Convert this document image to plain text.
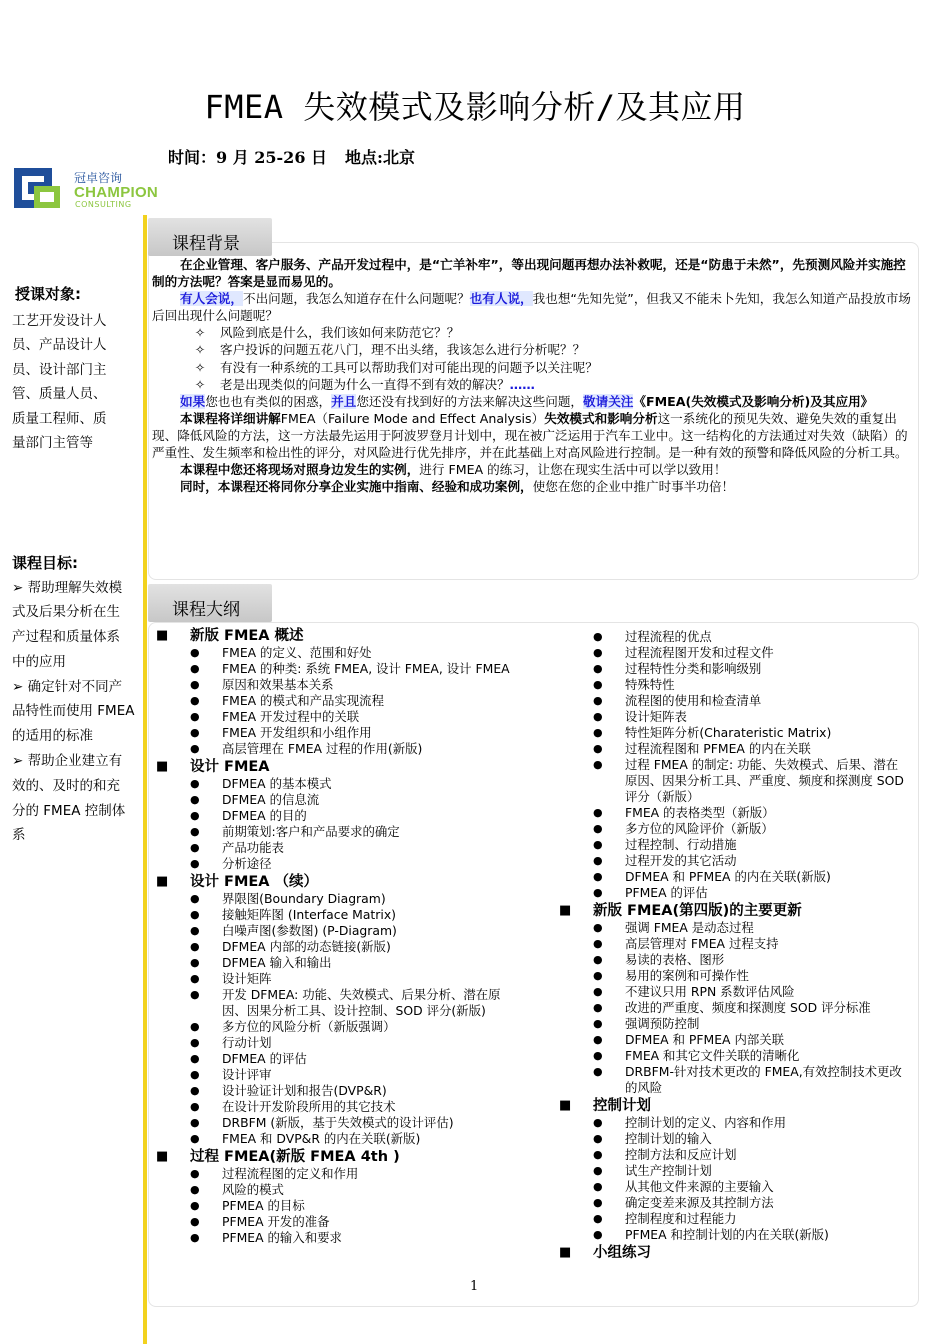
FMEA 失效模式及影响分析/及其应用
时间：9 月 25-26 日 地点:北京
冠卓咨询
CHAMPION
CONSULTING
授课对象:
工艺开发设计人
员、产品设计人
员、设计部门主
管、质量人员、
质量工程师、质
量部门主管等
课程目标:
➢ 帮助理解失效模
式及后果分析在生
产过程和质量体系
中的应用
➢ 确定针对不同产
品特性而使用 FMEA
的适用的标准
➢ 帮助企业建立有
效的、及时的和充
分的 FMEA 控制体
系
课程背景

在企业管理、客户服务、产品开发过程中，是“亡羊补牢”，等出现问题再想办法补救呢，还是“防患于未然”，先预测风险并实施控制的方法呢？答案是显而易见的。

有人会说，不出问题，我怎么知道存在什么问题呢？也有人说，我也想“先知先觉”，但我又不能未卜先知，我怎么知道产品投放市场后回出现什么问题呢？

✧ 风险到底是什么，我们该如何来防范它？？

✧ 客户投诉的问题五花八门，理不出头绪，我该怎么进行分析呢？？

✧ 有没有一种系统的工具可以帮助我们对可能出现的问题予以关注呢？

✧ 老是出现类似的问题为什么一直得不到有效的解决？……

如果您也也有类似的困惑，并且您还没有找到好的方法来解决这些问题，敬请关注《FMEA(失效模式及影响分析)及其应用》

本课程将详细讲解FMEA（Failure Mode and Effect Analysis）失效模式和影响分析这一系统化的预见失效、避免失效的重复出现、降低风险的方法，这一方法最先运用于阿波罗登月计划中，现在被广泛运用于汽车工业中。这一结构化的方法通过对失效（缺陷）的严重性、发生频率和检出性的评分，对风险进行优先排序，并在此基础上对高风险进行控制。是一种有效的预警和降低风险的分析工具。

本课程中您还将现场对照身边发生的实例，进行 FMEA 的练习，让您在现实生活中可以学以致用！

同时，本课程还将同你分享企业实施中指南、经验和成功案例，使您在您的企业中推广时事半功倍！

课程大纲
■ 新版 FMEA 概述
● FMEA 的定义、范围和好处
● FMEA 的种类: 系统 FMEA, 设计 FMEA, 设计 FMEA
● 原因和效果基本关系
● FMEA 的模式和产品实现流程
● FMEA 开发过程中的关联
● FMEA 开发组织和小组作用
● 高层管理在 FMEA 过程的作用(新版)
■ 设计 FMEA
● DFMEA 的基本模式
● DFMEA 的信息流
● DFMEA 的目的
● 前期策划:客户和产品要求的确定
● 产品功能表
● 分析途径
■ 设计 FMEA （续）
● 界限图(Boundary Diagram)
● 接触矩阵图 (Interface Matrix)
● 白噪声图(参数图) (P-Diagram)
● DFMEA 内部的动态链接(新版)
● DFMEA 输入和输出
● 设计矩阵
● 开发 DFMEA: 功能、失效模式、后果分析、潜在原因、因果分析工具、设计控制、SOD 评分(新版)
● 多方位的风险分析（新版强调）
● 行动计划
● DFMEA 的评估
● 设计评审
● 设计验证计划和报告(DVP&R)
● 在设计开发阶段所用的其它技术
● DRBFM (新版，基于失效模式的设计评估)
● FMEA 和 DVP&R 的内在关联(新版)
■ 过程 FMEA(新版 FMEA 4th )
● 过程流程图的定义和作用
● 风险的模式
● PFMEA 的目标
● PFMEA 开发的准备
● PFMEA 的输入和要求
● 过程流程的优点
● 过程流程图开发和过程文件
● 过程特性分类和影响级别
● 特殊特性
● 流程图的使用和检查清单
● 设计矩阵表
● 特性矩阵分析(Charateristic Matrix)
● 过程流程图和 PFMEA 的内在关联
● 过程 FMEA 的制定: 功能、失效模式、后果、潜在原因、因果分析工具、严重度、频度和探测度 SOD 评分（新版）
● FMEA 的表格类型（新版）
● 多方位的风险评价（新版）
● 过程控制、行动措施
● 过程开发的其它活动
● DFMEA 和 PFMEA 的内在关联(新版)
● PFMEA 的评估
■ 新版 FMEA(第四版)的主要更新
● 强调 FMEA 是动态过程
● 高层管理对 FMEA 过程支持
● 易读的表格、图形
● 易用的案例和可操作性
● 不建议只用 RPN 系数评估风险
● 改进的严重度、频度和探测度 SOD 评分标准
● 强调预防控制
● DFMEA 和 PFMEA 内部关联
● FMEA 和其它文件关联的清晰化
● DRBFM-针对技术更改的 FMEA,有效控制技术更改的风险
■ 控制计划
● 控制计划的定义、内容和作用
● 控制计划的输入
● 控制方法和反应计划
● 试生产控制计划
● 从其他文件来源的主要输入
● 确定变差来源及其控制方法
● 控制程度和过程能力
● PFMEA 和控制计划的内在关联(新版)
■ 小组练习
1
